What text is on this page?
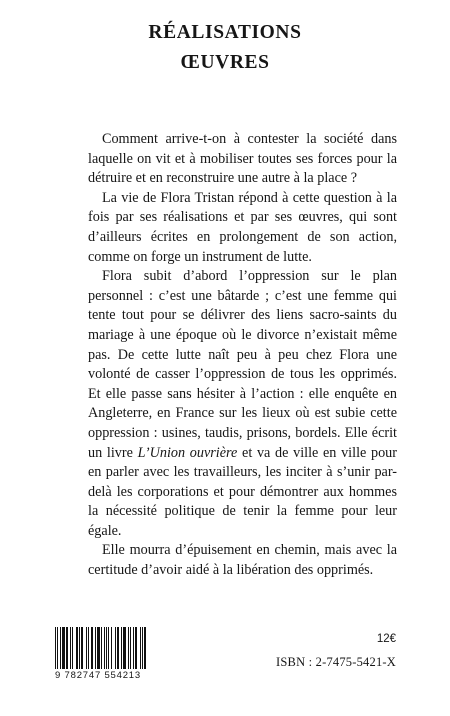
RÉALISATIONS
ŒUVRES

Comment arrive-t-on à contester la société dans laquelle on vit et à mobiliser toutes ses forces pour la détruire et en reconstruire une autre à la place ?

La vie de Flora Tristan répond à cette question à la fois par ses réalisations et par ses œuvres, qui sont d’ailleurs écrites en prolongement de son action, comme on forge un instrument de lutte.

Flora subit d’abord l’oppression sur le plan personnel : c’est une bâtarde ; c’est une femme qui tente tout pour se délivrer des liens sacro-saints du mariage à une époque où le divorce n’existait même pas. De cette lutte naît peu à peu chez Flora une volonté de casser l’oppression de tous les opprimés. Et elle passe sans hésiter à l’action : elle enquête en Angleterre, en France sur les lieux où est subie cette oppression : usines, taudis, prisons, bordels. Elle écrit un livre L’Union ouvrière et va de ville en ville pour en parler avec les travailleurs, les inciter à s’unir par-delà les corporations et pour démontrer aux hommes la nécessité politique de tenir la femme pour leur égale.

Elle mourra d’épuisement en chemin, mais avec la certitude d’avoir aidé à la libération des opprimés.

9 782747 554213
12€
ISBN : 2-7475-5421-X
